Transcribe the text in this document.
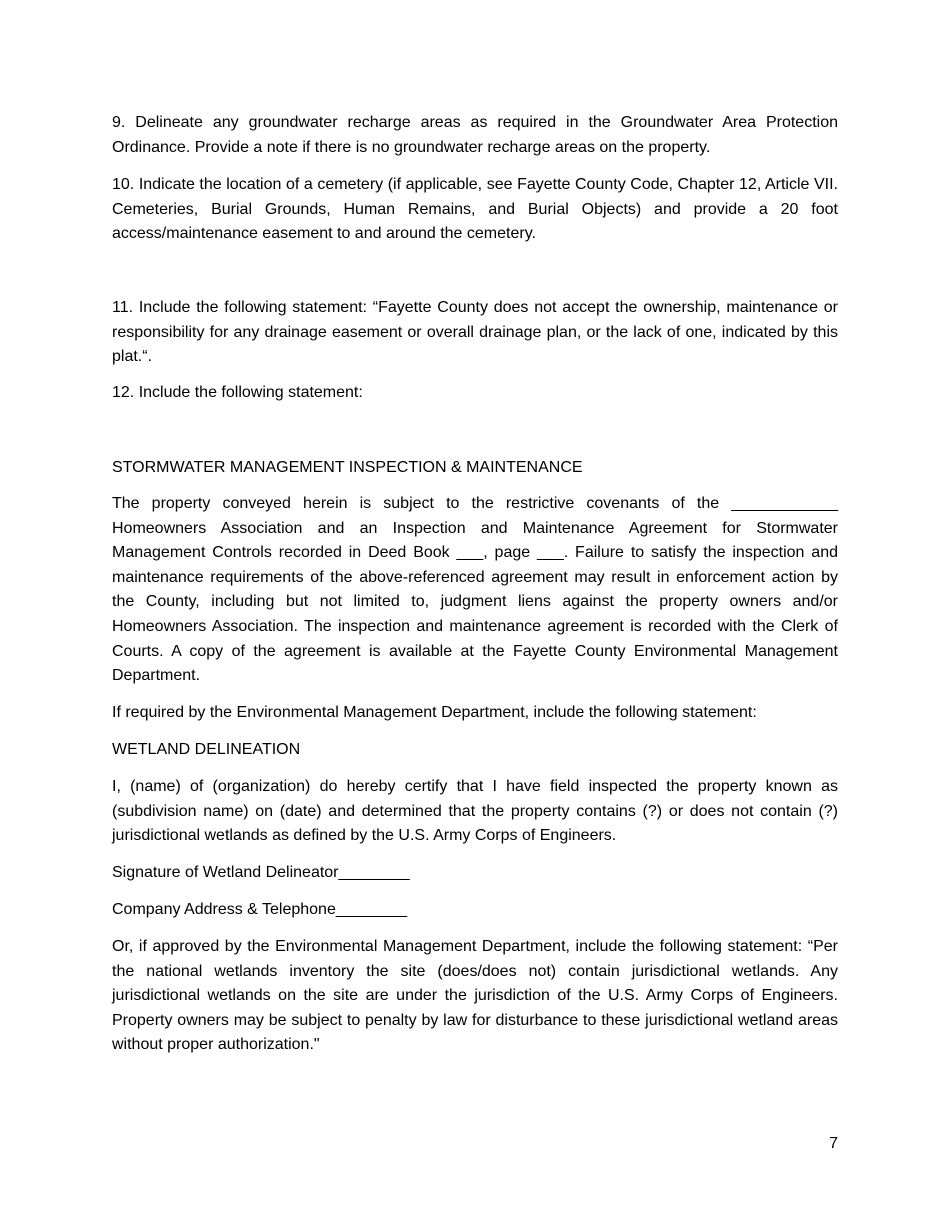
9. Delineate any groundwater recharge areas as required in the Groundwater Area Protection Ordinance. Provide a note if there is no groundwater recharge areas on the property.

10. Indicate the location of a cemetery (if applicable, see Fayette County Code, Chapter 12, Article VII. Cemeteries, Burial Grounds, Human Remains, and Burial Objects) and provide a 20 foot access/maintenance easement to and around the cemetery.

11. Include the following statement: “Fayette County does not accept the ownership, maintenance or responsibility for any drainage easement or overall drainage plan, or the lack of one, indicated by this plat.“.

12. Include the following statement:

STORMWATER MANAGEMENT INSPECTION & MAINTENANCE

The property conveyed herein is subject to the restrictive covenants of the ____________ Homeowners Association and an Inspection and Maintenance Agreement for Stormwater Management Controls recorded in Deed Book ___, page ___. Failure to satisfy the inspection and maintenance requirements of the above-referenced agreement may result in enforcement action by the County, including but not limited to, judgment liens against the property owners and/or Homeowners Association. The inspection and maintenance agreement is recorded with the Clerk of Courts. A copy of the agreement is available at the Fayette County Environmental Management Department.

If required by the Environmental Management Department, include the following statement:

WETLAND DELINEATION

I, (name) of (organization) do hereby certify that I have field inspected the property known as (subdivision name) on (date) and determined that the property contains (?) or does not contain (?) jurisdictional wetlands as defined by the U.S. Army Corps of Engineers.

Signature of Wetland Delineator________

Company Address & Telephone________

Or, if approved by the Environmental Management Department, include the following statement: “Per the national wetlands inventory the site (does/does not) contain jurisdictional wetlands. Any jurisdictional wetlands on the site are under the jurisdiction of the U.S. Army Corps of Engineers. Property owners may be subject to penalty by law for disturbance to these jurisdictional wetland areas without proper authorization."

7
